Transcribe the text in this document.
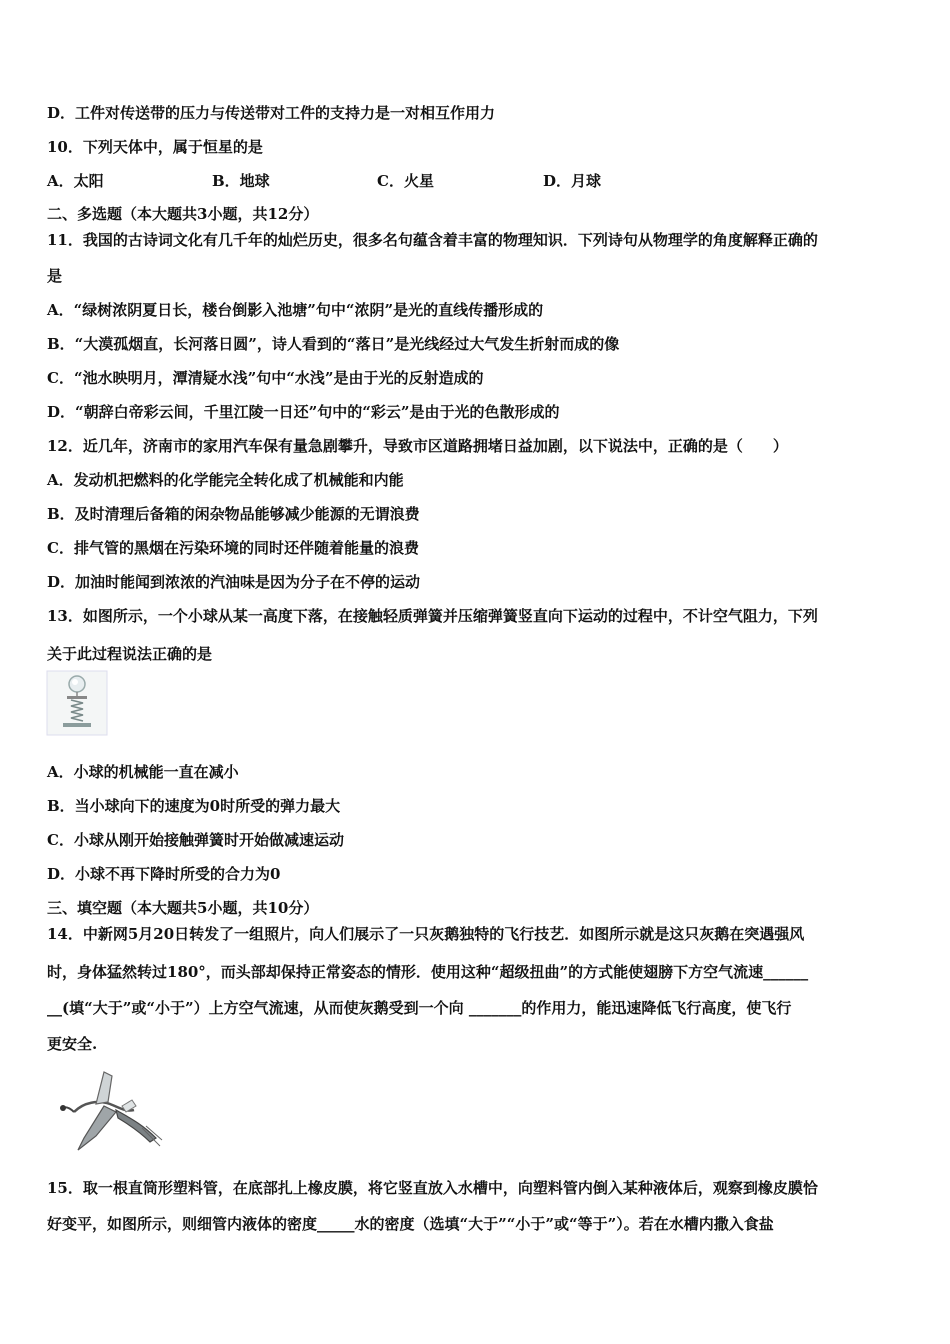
D．工件对传送带的压力与传送带对工件的支持力是一对相互作用力
10．下列天体中，属于恒星的是
A．太阳	B．地球	C．火星	D．月球
二、多选题（本大题共3小题，共12分）
11．我国的古诗词文化有几千年的灿烂历史，很多名句蕴含着丰富的物理知识．下列诗句从物理学的角度解释正确的
是
A．“绿树浓阴夏日长，楼台倒影入池塘”句中“浓阴”是光的直线传播形成的
B．“大漠孤烟直，长河落日圆”，诗人看到的“落日”是光线经过大气发生折射而成的像
C．“池水映明月，潭清疑水浅”句中“水浅”是由于光的反射造成的
D．“朝辞白帝彩云间，千里江陵一日还”句中的“彩云”是由于光的色散形成的
12．近几年，济南市的家用汽车保有量急剧攀升，导致市区道路拥堵日益加剧，以下说法中，正确的是（　　）
A．发动机把燃料的化学能完全转化成了机械能和内能
B．及时清理后备箱的闲杂物品能够减少能源的无谓浪费
C．排气管的黑烟在污染环境的同时还伴随着能量的浪费
D．加油时能闻到浓浓的汽油味是因为分子在不停的运动
13．如图所示，一个小球从某一高度下落，在接触轻质弹簧并压缩弹簧竖直向下运动的过程中，不计空气阻力，下列
关于此过程说法正确的是
A．小球的机械能一直在减小
B．当小球向下的速度为0时所受的弹力最大
C．小球从刚开始接触弹簧时开始做减速运动
D．小球不再下降时所受的合力为0
三、填空题（本大题共5小题，共10分）
14．中新网5月20日转发了一组照片，向人们展示了一只灰鹅独特的飞行技艺．如图所示就是这只灰鹅在突遇强风
时，身体猛然转过180°，而头部却保持正常姿态的情形．使用这种“超级扭曲”的方式能使翅膀下方空气流速______
__(填“大于”或“小于”）上方空气流速，从而使灰鹅受到一个向 _______的作用力，能迅速降低飞行高度，使飞行
更安全.
15．取一根直筒形塑料管，在底部扎上橡皮膜，将它竖直放入水槽中，向塑料管内倒入某种液体后，观察到橡皮膜恰
好变平，如图所示，则细管内液体的密度_____水的密度（选填“大于”“小于”或“等于”）。若在水槽内撒入食盐
